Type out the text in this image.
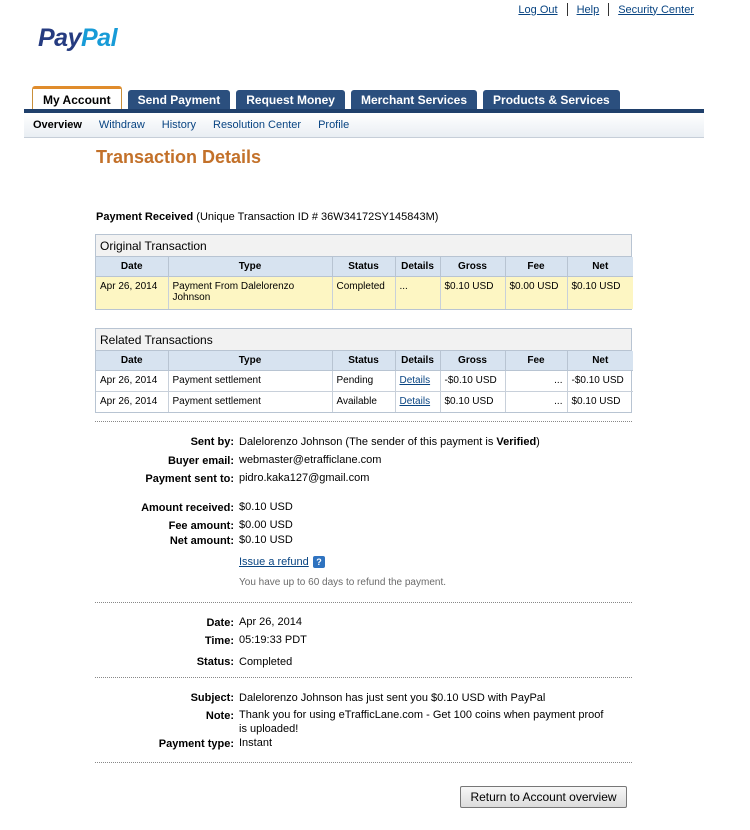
Log Out Help Security Center
PayPal
My Account	Send Payment	Request Money	Merchant Services	Products & Services
Overview Withdraw History Resolution Center Profile
Transaction Details
Payment Received (Unique Transaction ID # 36W34172SY145843M)
Original Transaction
Date	Type	Status	Details	Gross	Fee	Net
Apr 26, 2014	Payment From Dalelorenzo Johnson	Completed	...	$0.10 USD	$0.00 USD	$0.10 USD
Related Transactions
Date	Type	Status	Details	Gross	Fee	Net
Apr 26, 2014	Payment settlement	Pending	Details	-$0.10 USD	...	-$0.10 USD
Apr 26, 2014	Payment settlement	Available	Details	$0.10 USD	...	$0.10 USD
Sent by: Dalelorenzo Johnson (The sender of this payment is Verified)
Buyer email: webmaster@etrafficlane.com
Payment sent to: pidro.kaka127@gmail.com
Amount received: $0.10 USD
Fee amount: $0.00 USD
Net amount: $0.10 USD
Issue a refund ?
You have up to 60 days to refund the payment.
Date: Apr 26, 2014
Time: 05:19:33 PDT
Status: Completed
Subject: Dalelorenzo Johnson has just sent you $0.10 USD with PayPal
Note: Thank you for using eTrafficLane.com - Get 100 coins when payment proof
is uploaded!
Payment type: Instant
Return to Account overview
